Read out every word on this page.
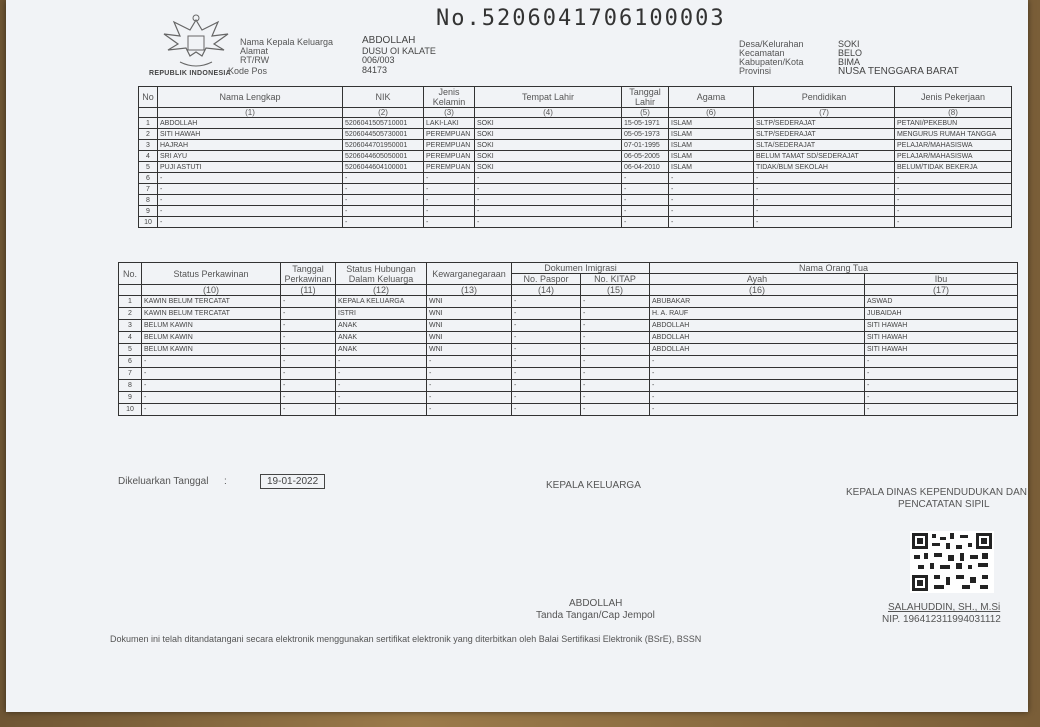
No.5206041706100003
REPUBLIK INDONESIA
Nama Kepala Keluarga
Alamat
RT/RW
Kode Pos
ABDOLLAH
DUSU OI KALATE
006/003
84173
Desa/Kelurahan
Kecamatan
Kabupaten/Kota
Provinsi
SOKI
BELO
BIMA
NUSA TENGGARA BARAT
No	Nama Lengkap	NIK	Jenis Kelamin	Tempat Lahir	Tanggal Lahir	Agama	Pendidikan	Jenis Pekerjaan
	(1)	(2)	(3)	(4)	(5)	(6)	(7)	(8)
1	ABDOLLAH	5206041505710001	LAKI-LAKI	SOKI	15-05-1971	ISLAM	SLTP/SEDERAJAT	PETANI/PEKEBUN
2	SITI HAWAH	5206044505730001	PEREMPUAN	SOKI	05-05-1973	ISLAM	SLTP/SEDERAJAT	MENGURUS RUMAH TANGGA
3	HAJRAH	5206044701950001	PEREMPUAN	SOKI	07-01-1995	ISLAM	SLTA/SEDERAJAT	PELAJAR/MAHASISWA
4	SRI AYU	5206044605050001	PEREMPUAN	SOKI	06-05-2005	ISLAM	BELUM TAMAT SD/SEDERAJAT	PELAJAR/MAHASISWA
5	PUJI ASTUTI	5206044604100001	PEREMPUAN	SOKI	06-04-2010	ISLAM	TIDAK/BLM SEKOLAH	BELUM/TIDAK BEKERJA
6	-	-	-	-	-	-	-	-
7	-	-	-	-	-	-	-	-
8	-	-	-	-	-	-	-	-
9	-	-	-	-	-	-	-	-
10	-	-	-	-	-	-	-	-
No.	Status Perkawinan	Tanggal Perkawinan	Status Hubungan Dalam Keluarga	Kewarganegaraan	Dokumen Imigrasi		Nama Orang Tua	
					No. Paspor	No. KITAP	Ayah	Ibu
	(10)	(11)	(12)	(13)	(14)	(15)	(16)	(17)
1	KAWIN BELUM TERCATAT	-	KEPALA KELUARGA	WNI	-	-	ABUBAKAR	ASWAD
2	KAWIN BELUM TERCATAT	-	ISTRI	WNI	-	-	H. A. RAUF	JUBAIDAH
3	BELUM KAWIN	-	ANAK	WNI	-	-	ABDOLLAH	SITI HAWAH
4	BELUM KAWIN	-	ANAK	WNI	-	-	ABDOLLAH	SITI HAWAH
5	BELUM KAWIN	-	ANAK	WNI	-	-	ABDOLLAH	SITI HAWAH
6	-	-	-	-	-	-	-	-
7	-	-	-	-	-	-	-	-
8	-	-	-	-	-	-	-	-
9	-	-	-	-	-	-	-	-
10	-	-	-	-	-	-	-	-
Dikeluarkan Tanggal :	19-01-2022	KEPALA KELUARGA
KEPALA DINAS KEPENDUDUKAN DAN
PENCATATAN SIPIL
ABDOLLAH
Tanda Tangan/Cap Jempol
SALAHUDDIN, SH., M.Si
NIP. 196412311994031112
Dokumen ini telah ditandatangani secara elektronik menggunakan sertifikat elektronik yang diterbitkan oleh Balai Sertifikasi Elektronik (BSrE), BSSN
